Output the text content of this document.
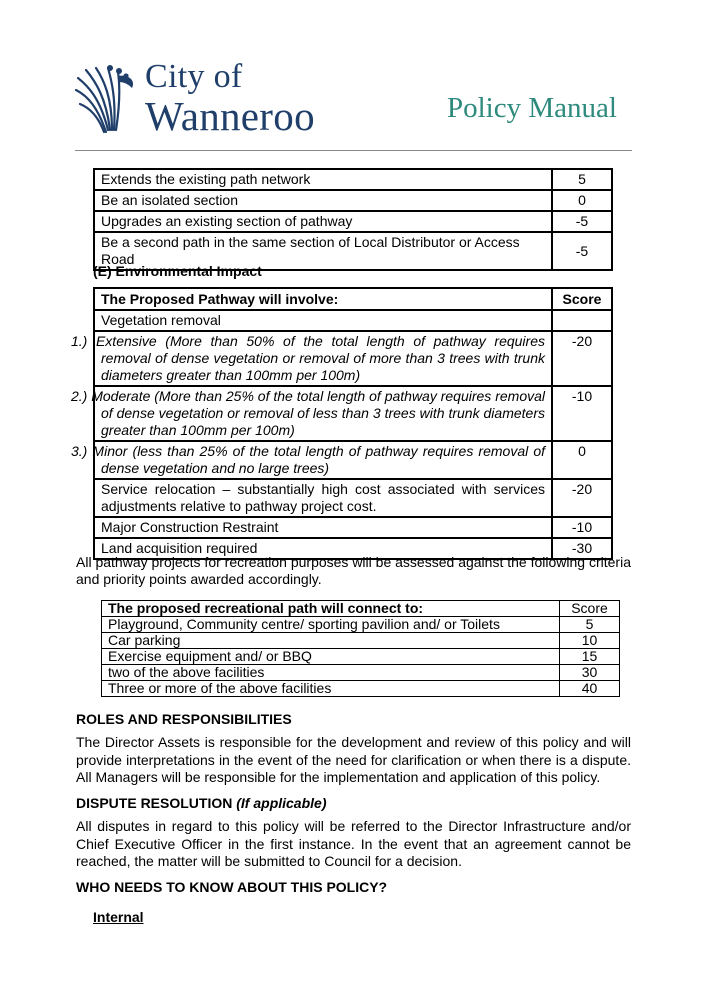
City of
Wanneroo	Policy Manual
Extends the existing path network	5
Be an isolated section	0
Upgrades an existing section of pathway	-5
Be a second path in the same section of Local Distributor or Access Road	-5
(E) Environmental Impact
The Proposed Pathway will involve:	Score
Vegetation removal	
1.) Extensive (More than 50% of the total length of pathway requires removal of dense vegetation or removal of more than 3 trees with trunk diameters greater than 100mm per 100m)	-20
2.) Moderate (More than 25% of the total length of pathway requires removal of dense vegetation or removal of less than 3 trees with trunk diameters greater than 100mm per 100m)	-10
3.) Minor (less than 25% of the total length of pathway requires removal of dense vegetation and no large trees)	0
Service relocation – substantially high cost associated with services adjustments relative to pathway project cost.	-20
Major Construction Restraint	-10
Land acquisition required	-30
All pathway projects for recreation purposes will be assessed against the following criteria and priority points awarded accordingly.
The proposed recreational path will connect to:	Score
Playground, Community centre/ sporting pavilion and/ or Toilets	5
Car parking	10
Exercise equipment and/ or BBQ	15
two of the above facilities	30
Three or more of the above facilities	40
ROLES AND RESPONSIBILITIES
The Director Assets is responsible for the development and review of this policy and will provide interpretations in the event of the need for clarification or when there is a dispute. All Managers will be responsible for the implementation and application of this policy.
DISPUTE RESOLUTION (If applicable)
All disputes in regard to this policy will be referred to the Director Infrastructure and/or Chief Executive Officer in the first instance. In the event that an agreement cannot be reached, the matter will be submitted to Council for a decision.
WHO NEEDS TO KNOW ABOUT THIS POLICY?
Internal
